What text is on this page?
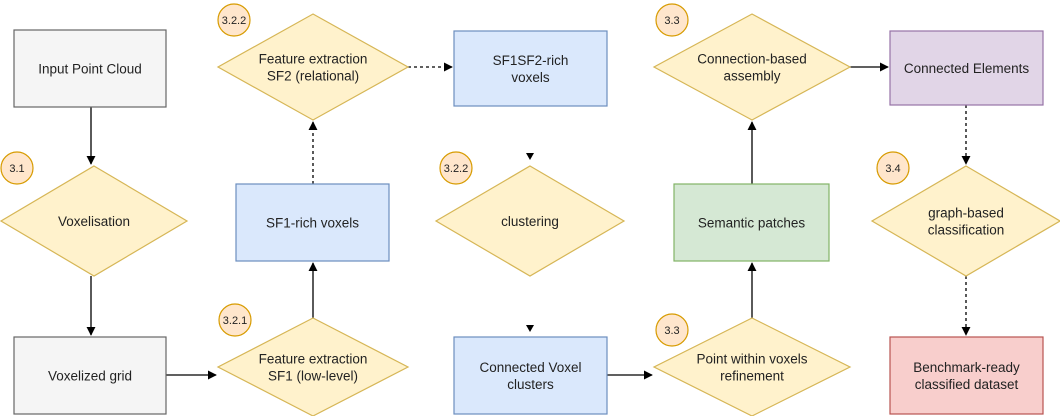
Input Point Cloud
Voxelisation
Voxelized grid
Feature extraction
SF1 (low-level)
SF1-rich voxels
Feature extraction
SF2 (relational)
SF1SF2-rich
voxels
clustering
Connected Voxel
clusters
Point within voxels
refinement
Semantic patches
Connection-based
assembly	Connected Elements
graph-based
classification
Benchmark-ready
classified dataset
3.1
3.2.2
3.2.2
3.2.1
3.3
3.3
3.4
